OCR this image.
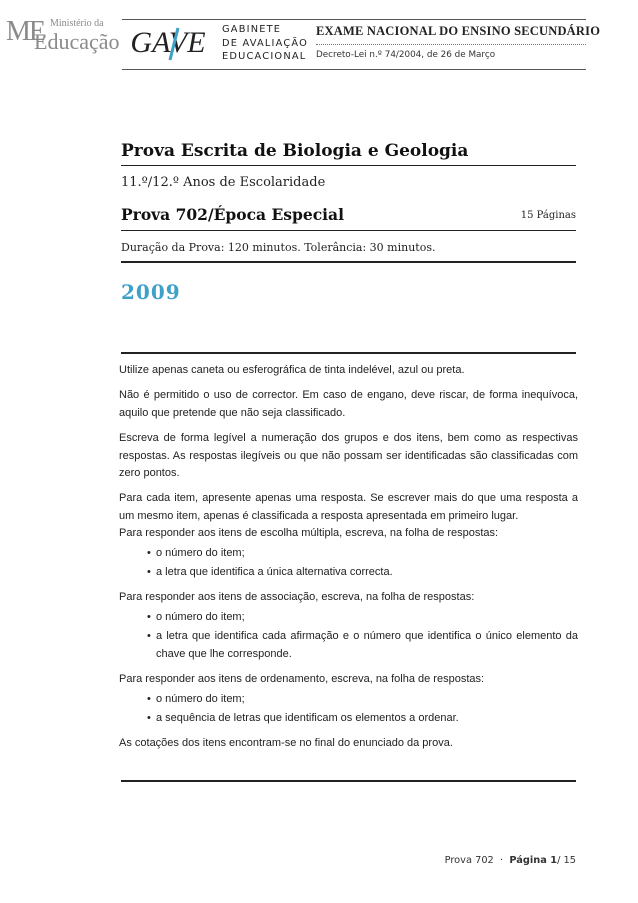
ME Ministério da
Educação GAVE GABINETE
DE AVALIAÇÃO
EDUCACIONAL
EXAME NACIONAL DO ENSINO SECUNDÁRIO
Decreto-Lei n.º 74/2004, de 26 de Março
Prova Escrita de Biologia e Geologia
11.º/12.º Anos de Escolaridade
Prova 702/Época Especial	15 Páginas
Duração da Prova: 120 minutos. Tolerância: 30 minutos.
2009

Utilize apenas caneta ou esferográfica de tinta indelével, azul ou preta.

Não é permitido o uso de corrector. Em caso de engano, deve riscar, de forma inequívoca, aquilo que pretende que não seja classificado.

Escreva de forma legível a numeração dos grupos e dos itens, bem como as respectivas respostas. As respostas ilegíveis ou que não possam ser identificadas são classificadas com zero pontos.

Para cada item, apresente apenas uma resposta. Se escrever mais do que uma resposta a um mesmo item, apenas é classificada a resposta apresentada em primeiro lugar.

Para responder aos itens de escolha múltipla, escreva, na folha de respostas:

• o número do item;
• a letra que identifica a única alternativa correcta.

Para responder aos itens de associação, escreva, na folha de respostas:

• o número do item;
• a letra que identifica cada afirmação e o número que identifica o único elemento da chave que lhe corresponde.

Para responder aos itens de ordenamento, escreva, na folha de respostas:

• o número do item;
• a sequência de letras que identificam os elementos a ordenar.

As cotações dos itens encontram-se no final do enunciado da prova.

Prova 702 · Página 1/ 15
